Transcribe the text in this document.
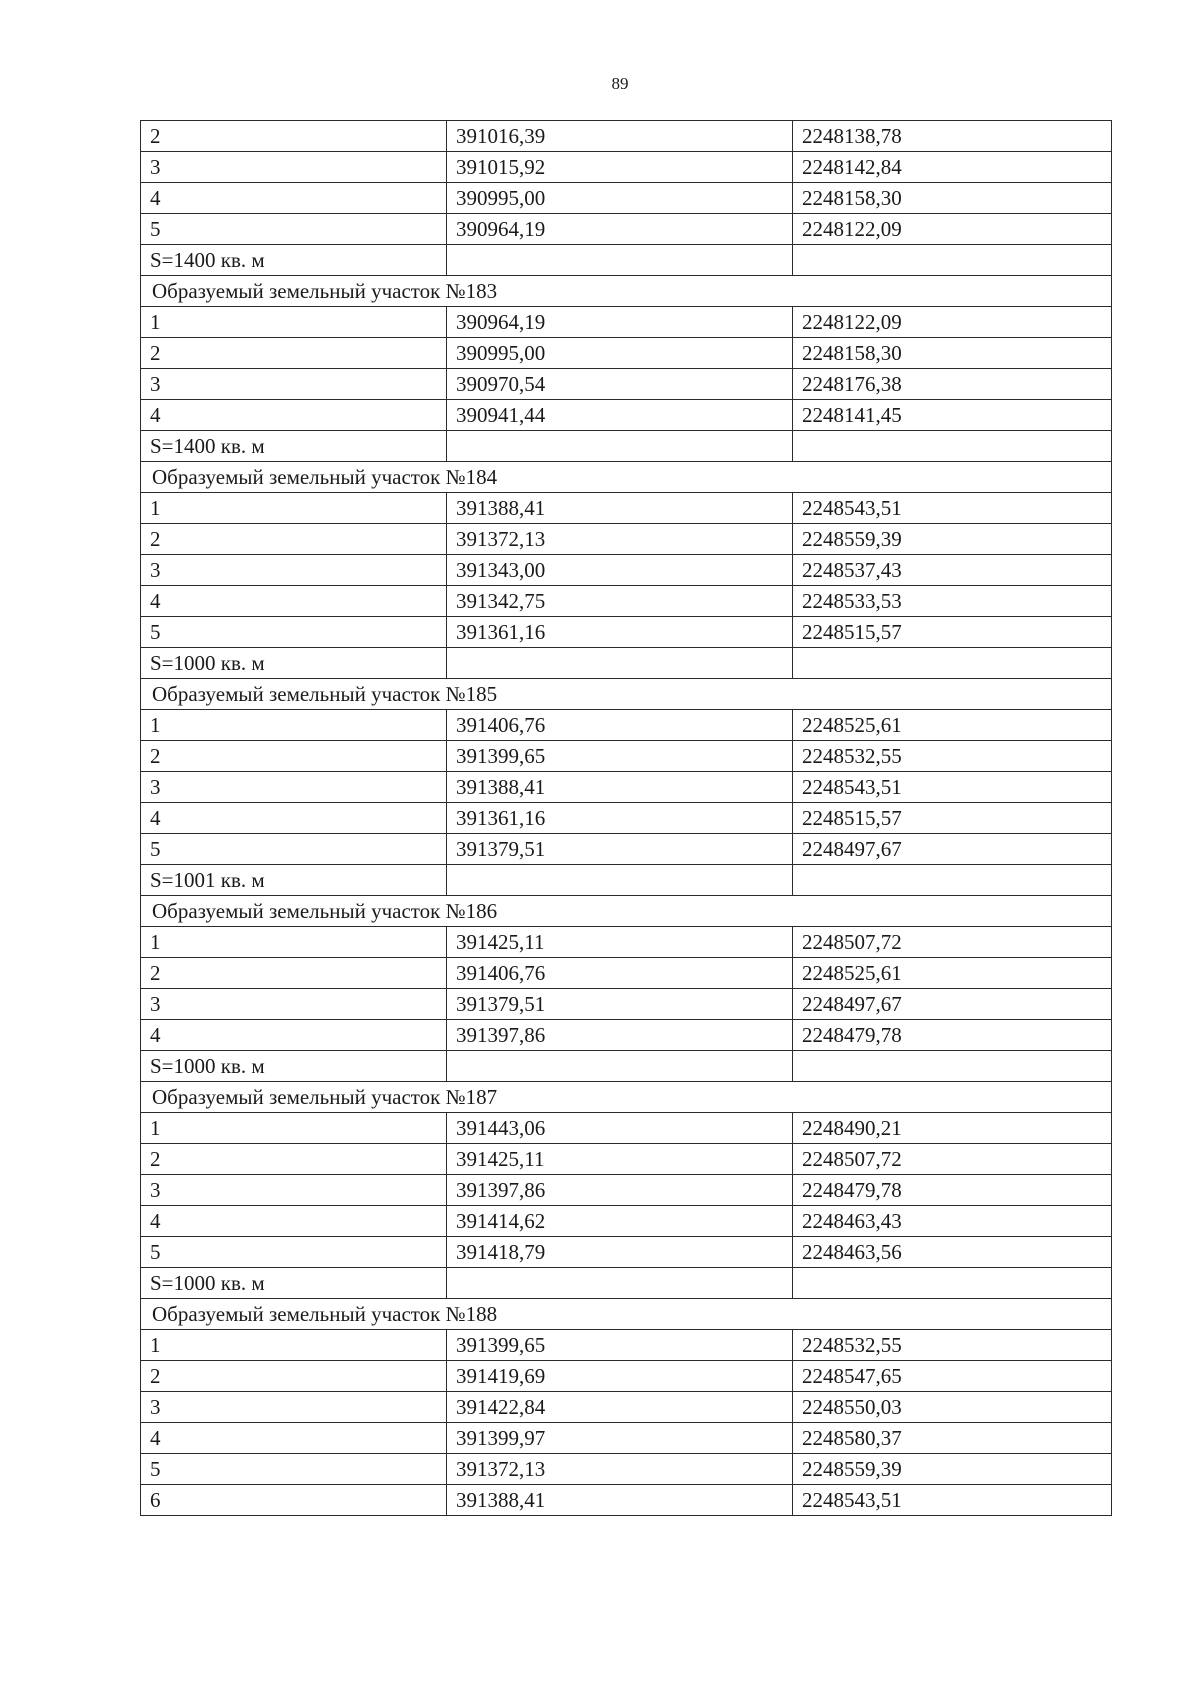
89
2	391016,39	2248138,78
3	391015,92	2248142,84
4	390995,00	2248158,30
5	390964,19	2248122,09
S=1400 кв. м		
Образуемый земельный участок №183		
1	390964,19	2248122,09
2	390995,00	2248158,30
3	390970,54	2248176,38
4	390941,44	2248141,45
S=1400 кв. м		
Образуемый земельный участок №184		
1	391388,41	2248543,51
2	391372,13	2248559,39
3	391343,00	2248537,43
4	391342,75	2248533,53
5	391361,16	2248515,57
S=1000 кв. м		
Образуемый земельный участок №185		
1	391406,76	2248525,61
2	391399,65	2248532,55
3	391388,41	2248543,51
4	391361,16	2248515,57
5	391379,51	2248497,67
S=1001 кв. м		
Образуемый земельный участок №186		
1	391425,11	2248507,72
2	391406,76	2248525,61
3	391379,51	2248497,67
4	391397,86	2248479,78
S=1000 кв. м		
Образуемый земельный участок №187		
1	391443,06	2248490,21
2	391425,11	2248507,72
3	391397,86	2248479,78
4	391414,62	2248463,43
5	391418,79	2248463,56
S=1000 кв. м		
Образуемый земельный участок №188		
1	391399,65	2248532,55
2	391419,69	2248547,65
3	391422,84	2248550,03
4	391399,97	2248580,37
5	391372,13	2248559,39
6	391388,41	2248543,51
